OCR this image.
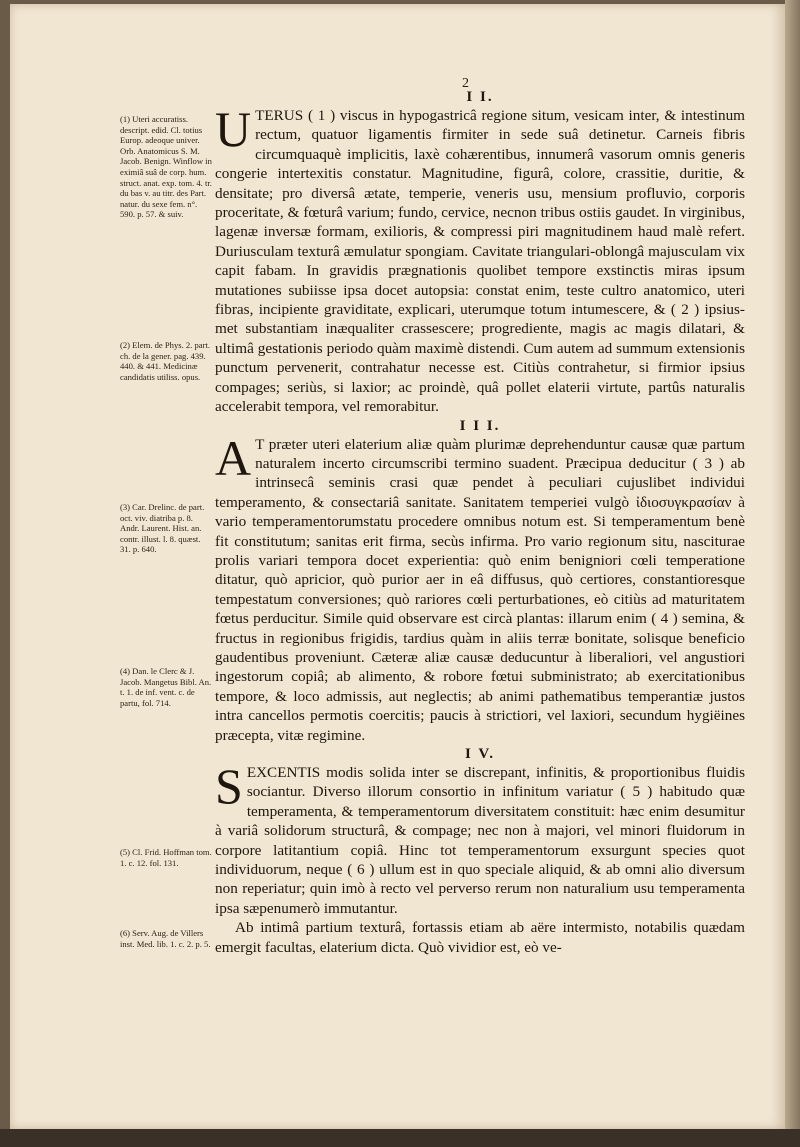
2
(1) Uteri accuratiss. descript. edid. Cl. totius Europ. adeoque univer. Orb. Anatomicus S. M. Jacob. Benign. Winflow in eximiâ suâ de corp. hum. struct. anat. exp. tom. 4. tr. du bas v. au titr. des Part. natur. du sexe fem. n°. 590. p. 57. & suiv.
(2) Elem. de Phys. 2. part. ch. de la gener. pag. 439. 440. & 441. Medicinæ candidatis utiliss. opus.
(3) Car. Drelinc. de part. oct. viv. diatriba p. 8. Andr. Laurent. Hist. an. contr. illust. l. 8. quæst. 31. p. 640.
(4) Dan. le Clerc & J. Jacob. Mangetus Bibl. An. t. 1. de inf. vent. c. de partu, fol. 714.
(5) Cl. Frid. Hoffman tom. 1. c. 12. fol. 131.
(6) Serv. Aug. de Villers inst. Med. lib. 1. c. 2. p. 5.
I I.

UTERUS ( 1 ) viscus in hypogastricâ regione situm, vesicam inter, & intestinum rectum, quatuor ligamentis firmiter in sede suâ detinetur. Carneis fibris circumquaquè implicitis, laxè cohærentibus, innumerâ vasorum omnis generis congerie intertexitis constatur. Magnitudine, figurâ, colore, crassitie, duritie, & densitate; pro diversâ ætate, temperie, veneris usu, mensium profluvio, corporis proceritate, & fœturâ varium; fundo, cervice, necnon tribus ostiis gaudet. In virginibus, lagenæ inversæ formam, exilioris, & compressi piri magnitudinem haud malè refert. Duriusculam texturâ æmulatur spongiam. Cavitate triangulari-oblongâ majusculam vix capit fabam. In gravidis prægnationis quolibet tempore exstinctis miras ipsum mutationes subiisse ipsa docet autopsia: constat enim, teste cultro anatomico, uteri fibras, incipiente graviditate, explicari, uterumque totum intumescere, & ( 2 ) ipsius-met substantiam inæqualiter crassescere; progrediente, magis ac magis dilatari, & ultimâ gestationis periodo quàm maximè distendi. Cum autem ad summum extensionis punctum pervenerit, contrahatur necesse est. Citiùs contrahetur, si firmior ipsius compages; seriùs, si laxior; ac proindè, quâ pollet elaterii virtute, partûs naturalis accelerabit tempora, vel remorabitur.

I I I.

A T præter uteri elaterium aliæ quàm plurimæ deprehenduntur causæ quæ partum naturalem incerto circumscribi termino suadent. Præcipua deducitur ( 3 ) ab intrinsecâ seminis crasi quæ pendet à peculiari cujuslibet individui temperamento, & consectariâ sanitate. Sanitatem temperiei vulgò ἰδιοσυγκρασίαν à vario temperamentorumstatu procedere omnibus notum est. Si temperamentum benè fit constitutum; sanitas erit firma, secùs infirma. Pro vario regionum situ, nasciturae prolis variari tempora docet experientia: quò enim benigniori cœli temperatione ditatur, quò apricior, quò purior aer in eâ diffusus, quò certiores, constantioresque tempestatum conversiones; quò rariores cœli perturbationes, eò citiùs ad maturitatem fœtus perducitur. Simile quid observare est circà plantas: illarum enim ( 4 ) semina, & fructus in regionibus frigidis, tardius quàm in aliis terræ bonitate, solisque beneficio gaudentibus proveniunt. Cæteræ aliæ causæ deducuntur à liberaliori, vel angustiori ingestorum copiâ; ab alimento, & robore fœtui subministrato; ab exercitationibus tempore, & loco admissis, aut neglectis; ab animi pathematibus temperantiæ justos intra cancellos permotis coercitis; paucis à strictiori, vel laxiori, secundum hygiëines præcepta, vitæ regimine.

I V.

SEXCENTIS modis solida inter se discrepant, infinitis, & proportionibus fluidis sociantur. Diverso illorum consortio in infinitum variatur ( 5 ) habitudo quæ temperamenta, & temperamentorum diversitatem constituit: hæc enim desumitur à variâ solidorum structurâ, & compage; nec non à majori, vel minori fluidorum in corpore latitantium copiâ. Hinc tot temperamentorum exsurgunt species quot individuorum, neque ( 6 ) ullum est in quo speciale aliquid, & ab omni alio diversum non reperiatur; quin imò à recto vel perverso rerum non naturalium usu temperamenta ipsa sæpenumerò immutantur.

Ab intimâ partium texturâ, fortassis etiam ab aëre intermisto, notabilis quædam emergit facultas, elaterium dicta. Quò vividior est, eò ve-
